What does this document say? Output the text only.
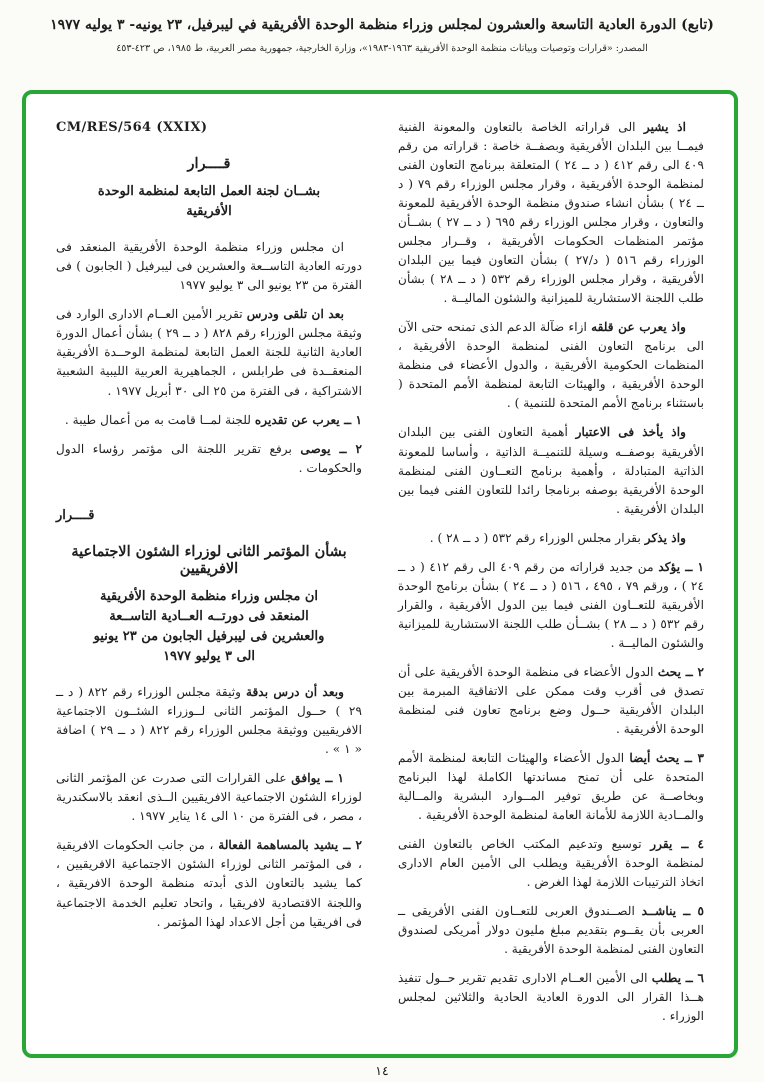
(تابع) الدورة العادية التاسعة والعشرون لمجلس وزراء منظمة الوحدة الأفريقية في ليبرفيل، ٢٣ يونيه- ٣ يوليه ١٩٧٧
المصدر: «قرارات وتوصيات وبيانات منظمة الوحدة الأفريقية ١٩٦٣-١٩٨٣»، وزارة الخارجية، جمهورية مصر العربية، ط ١٩٨٥، ص ٤٢٣-٤٥٣

اذ يشير الى قراراته الخاصة بالتعاون والمعونة الفنية فيمــا بين البلدان الأفريقية وبصفــة خاصة : قراراته من رقم ٤٠٩ الى رقم ٤١٢ ( د ــ ٢٤ ) المتعلقة ببرنامج التعاون الفنى لمنظمة الوحدة الأفريقية ، وقرار مجلس الوزراء رقم ٧٩ ( د ــ ٢٤ ) بشأن انشاء صندوق منظمة الوحدة الأفريقية للمعونة والتعاون ، وقرار مجلس الوزراء رقم ٦٩٥ ( د ــ ٢٧ ) بشــأن مؤتمر المنظمات الحكومات الأفريقية ، وقــرار مجلس الوزراء رقم ٥١٦ ( د/٢٧ ) بشأن التعاون فيما بين البلدان الأفريقية ، وقرار مجلس الوزراء رقم ٥٣٢ ( د ــ ٢٨ ) بشأن طلب اللجنة الاستشارية للميزانية والشئون الماليــة .

واذ يعرب عن قلقه ازاء ضآلة الدعم الذى تمنحه حتى الآن الى برنامج التعاون الفنى لمنظمة الوحدة الأفريقية ، المنظمات الحكومية الأفريقية ، والدول الأعضاء فى منظمة الوحدة الأفريقية ، والهيئات التابعة لمنظمة الأمم المتحدة ( باستثناء برنامج الأمم المتحدة للتنمية ) .

واذ يأخذ فى الاعتبار أهمية التعاون الفنى بين البلدان الأفريقية بوصفــه وسيلة للتنميــة الذاتية ، وأساسا للمعونة الذاتية المتبادلة ، وأهمية برنامج التعــاون الفنى لمنظمة الوحدة الأفريقية بوصفه برنامجا رائدا للتعاون الفنى فيما بين البلدان الأفريقية .

واذ يذكر بقرار مجلس الوزراء رقم ٥٣٢ ( د ــ ٢٨ ) .

١ ــ يؤكد من جديد قراراته من رقم ٤٠٩ الى رقم ٤١٢ ( د ــ ٢٤ ) ، ورقم ٧٩ ، ٤٩٥ ، ٥١٦ ( د ــ ٢٤ ) بشأن برنامج الوحدة الأفريقية للتعــاون الفنى فيما بين الدول الأفريقية ، والقرار رقم ٥٣٢ ( د ــ ٢٨ ) بشــأن طلب اللجنة الاستشارية للميزانية والشئون الماليــة .

٢ ــ يحث الدول الأعضاء فى منظمة الوحدة الأفريقية على أن تصدق فى أقرب وقت ممكن على الاتفاقية المبرمة بين البلدان الأفريقية حــول وضع برنامج تعاون فنى لمنظمة الوحدة الأفريقية .

٣ ــ يحث أيضا الدول الأعضاء والهيئات التابعة لمنظمة الأمم المتحدة على أن تمنح مساندتها الكاملة لهذا البرنامج وبخاصــة عن طريق توفير المــوارد البشرية والمــالية والمــادية اللازمة للأمانة العامة لمنظمة الوحدة الأفريقية .

٤ ــ يقرر توسيع وتدعيم المكتب الخاص بالتعاون الفنى لمنظمة الوحدة الأفريقية ويطلب الى الأمين العام الادارى اتخاذ الترتيبات اللازمة لهذا الغرض .

٥ ــ يناشــد الصــندوق العربى للتعــاون الفنى الأفريقى ــ العربى بأن يقــوم بتقديم مبلغ مليون دولار أمريكى لصندوق التعاون الفنى لمنظمة الوحدة الأفريقية .

٦ ــ يطلب الى الأمين العــام الادارى تقديم تقرير حــول تنفيذ هــذا القرار الى الدورة العادية الحادية والثلاثين لمجلس الوزراء .

CM/RES/564 (XXIX)
قــــرار
بشــان لجنة العمل التابعة لمنظمة الوحدة الأفريقية

ان مجلس وزراء منظمة الوحدة الأفريقية المنعقد فى دورته العادية التاســعة والعشرين فى ليبرفيل ( الجابون ) فى الفترة من ٢٣ يونيو الى ٣ يوليو ١٩٧٧

بعد ان تلقى ودرس تقرير الأمين العــام الادارى الوارد فى وثيقة مجلس الوزراء رقم ٨٢٨ ( د ــ ٢٩ ) بشأن أعمال الدورة العادية الثانية للجنة العمل التابعة لمنظمة الوحــدة الأفريقية المنعقــدة فى طرابلس ، الجماهيرية العربية الليبية الشعبية الاشتراكية ، فى الفترة من ٢٥ الى ٣٠ أبريل ١٩٧٧ .

١ ــ يعرب عن تقديره للجنة لمــا قامت به من أعمال طيبة .

٢ ــ يوصى برفع تقرير اللجنة الى مؤتمر رؤساء الدول والحكومات .

قــــرار
بشأن المؤتمر الثانى لوزراء الشئون الاجتماعية الافريقيين
ان مجلس وزراء منظمة الوحدة الأفريقية المنعقد فى دورتــه العــادية التاســعة والعشرين فى ليبرفيل الجابون من ٢٣ يونيو الى ٣ يوليو ١٩٧٧

وبعد أن درس بدقة وثيقة مجلس الوزراء رقم ٨٢٢ ( د ــ ٢٩ ) حــول المؤتمر الثانى لــوزراء الشئــون الاجتماعية الافريقيين ووثيقة مجلس الوزراء رقم ٨٢٢ ( د ــ ٢٩ ) اضافة « ١ » .

١ ــ يوافق على القرارات التى صدرت عن المؤتمر الثانى لوزراء الشئون الاجتماعية الافريقيين الــذى انعقد بالاسكندرية ، مصر ، فى الفترة من ١٠ الى ١٤ يناير ١٩٧٧ .

٢ ــ يشيد بالمساهمة الفعالة ، من جانب الحكومات الافريقية ، فى المؤتمر الثانى لوزراء الشئون الاجتماعية الافريقيين ، كما يشيد بالتعاون الذى أبدته منظمة الوحدة الافريقية ، واللجنة الاقتصادية لافريقيا ، واتحاد تعليم الخدمة الاجتماعية فى افريقيا من أجل الاعداد لهذا المؤتمر .

١٤
